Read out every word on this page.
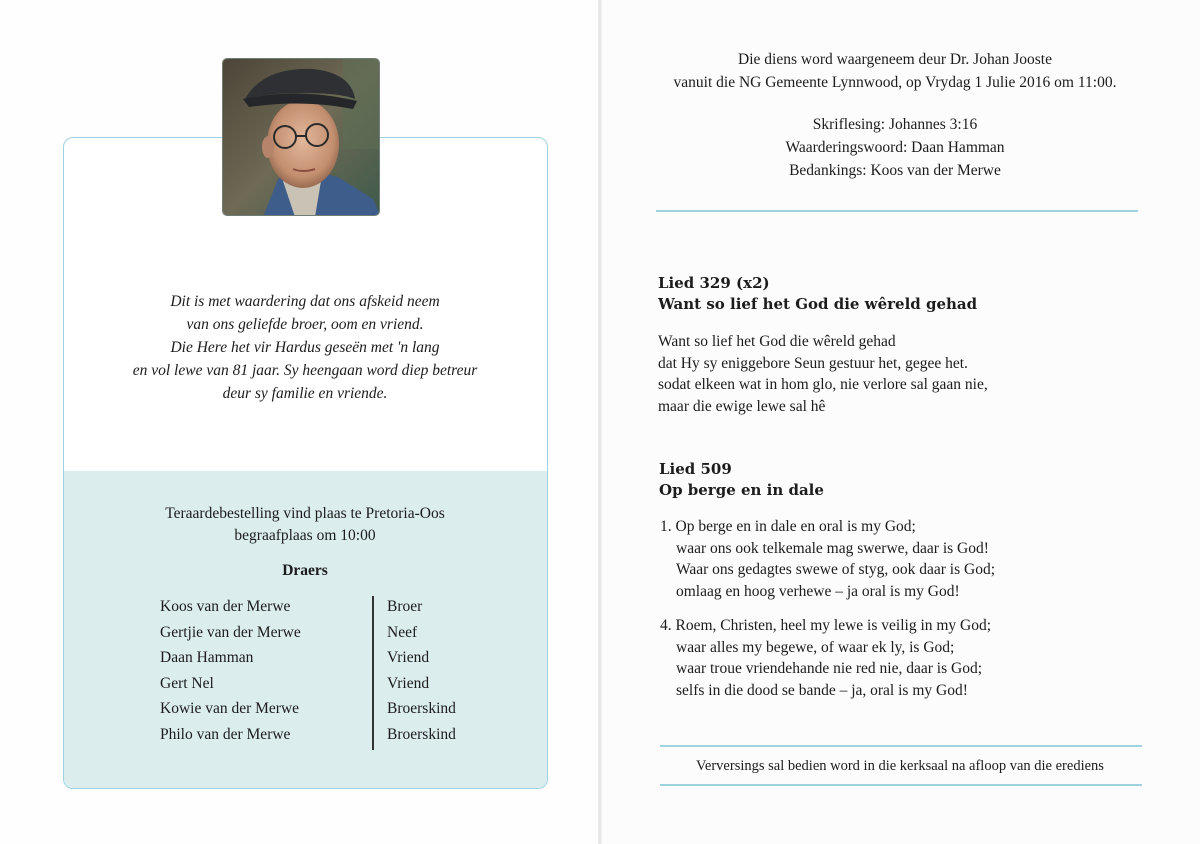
Dit is met waardering dat ons afskeid neem
van ons geliefde broer, oom en vriend.
Die Here het vir Hardus geseën met 'n lang
en vol lewe van 81 jaar. Sy heengaan word diep betreur
deur sy familie en vriende.
Teraardebestelling vind plaas te Pretoria-Oos
begraafplaas om 10:00
Draers
Koos van der Merwe	Broer
Gertjie van der Merwe	Neef
Daan Hamman	Vriend
Gert Nel	Vriend
Kowie van der Merwe	Broerskind
Philo van der Merwe	Broerskind
Die diens word waargeneem deur Dr. Johan Jooste
vanuit die NG Gemeente Lynnwood, op Vrydag 1 Julie 2016 om 11:00.
Skriflesing: Johannes 3:16
Waarderingswoord: Daan Hamman
Bedankings: Koos van der Merwe
Lied 329 (x2)
Want so lief het God die wêreld gehad
Want so lief het God die wêreld gehad
dat Hy sy eniggebore Seun gestuur het, gegee het.
sodat elkeen wat in hom glo, nie verlore sal gaan nie,
maar die ewige lewe sal hê
Lied 509
Op berge en in dale
1. Op berge en in dale en oral is my God;
waar ons ook telkemale mag swerwe, daar is God!
Waar ons gedagtes swewe of styg, ook daar is God;
omlaag en hoog verhewe – ja oral is my God!
4. Roem, Christen, heel my lewe is veilig in my God;
waar alles my begewe, of waar ek ly, is God;
waar troue vriendehande nie red nie, daar is God;
selfs in die dood se bande – ja, oral is my God!
Verversings sal bedien word in die kerksaal na afloop van die erediens
